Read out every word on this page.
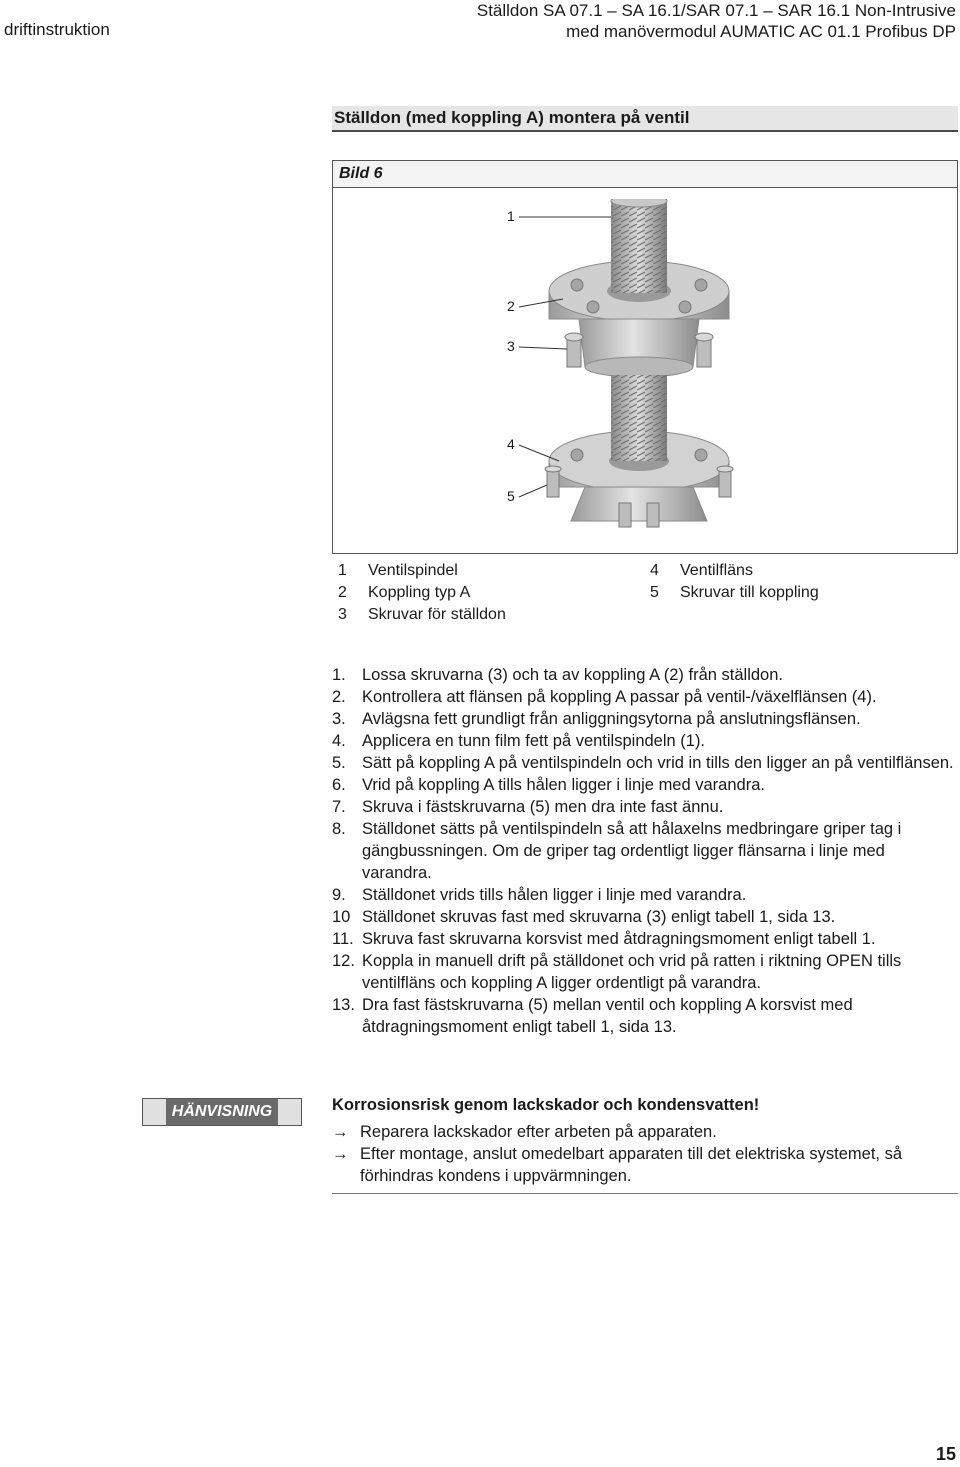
driftinstruktion
Ställdon SA 07.1 – SA 16.1/SAR 07.1 – SAR 16.1 Non-Intrusive
med manövermodul AUMATIC AC 01.1 Profibus DP
Ställdon (med koppling A) montera på ventil
Bild 6
1
2
3
4
5
1 Ventilspindel
2 Koppling typ A
3 Skruvar för ställdon
4 Ventilfläns
5 Skruvar till koppling
1. Lossa skruvarna (3) och ta av koppling A (2) från ställdon.
2. Kontrollera att flänsen på koppling A passar på ventil-/växelflänsen (4).
3. Avlägsna fett grundligt från anliggningsytorna på anslutningsflänsen.
4. Applicera en tunn film fett på ventilspindeln (1).
5. Sätt på koppling A på ventilspindeln och vrid in tills den ligger an på ventilflänsen.
6. Vrid på koppling A tills hålen ligger i linje med varandra.
7. Skruva i fästskruvarna (5) men dra inte fast ännu.
8. Ställdonet sätts på ventilspindeln så att hålaxelns medbringare griper tag i gängbussningen. Om de griper tag ordentligt ligger flänsarna i linje med varandra.
9. Ställdonet vrids tills hålen ligger i linje med varandra.
10 Ställdonet skruvas fast med skruvarna (3) enligt tabell 1, sida 13.
11. Skruva fast skruvarna korsvist med åtdragningsmoment enligt tabell 1.
12. Koppla in manuell drift på ställdonet och vrid på ratten i riktning OPEN tills ventilfläns och koppling A ligger ordentligt på varandra.
13. Dra fast fästskruvarna (5) mellan ventil och koppling A korsvist med åtdragningsmoment enligt tabell 1, sida 13.
HÄNVISNING	Korrosionsrisk genom lackskador och kondensvatten!
→ Reparera lackskador efter arbeten på apparaten.
→ Efter montage, anslut omedelbart apparaten till det elektriska systemet, så förhindras kondens i uppvärmningen.
15
